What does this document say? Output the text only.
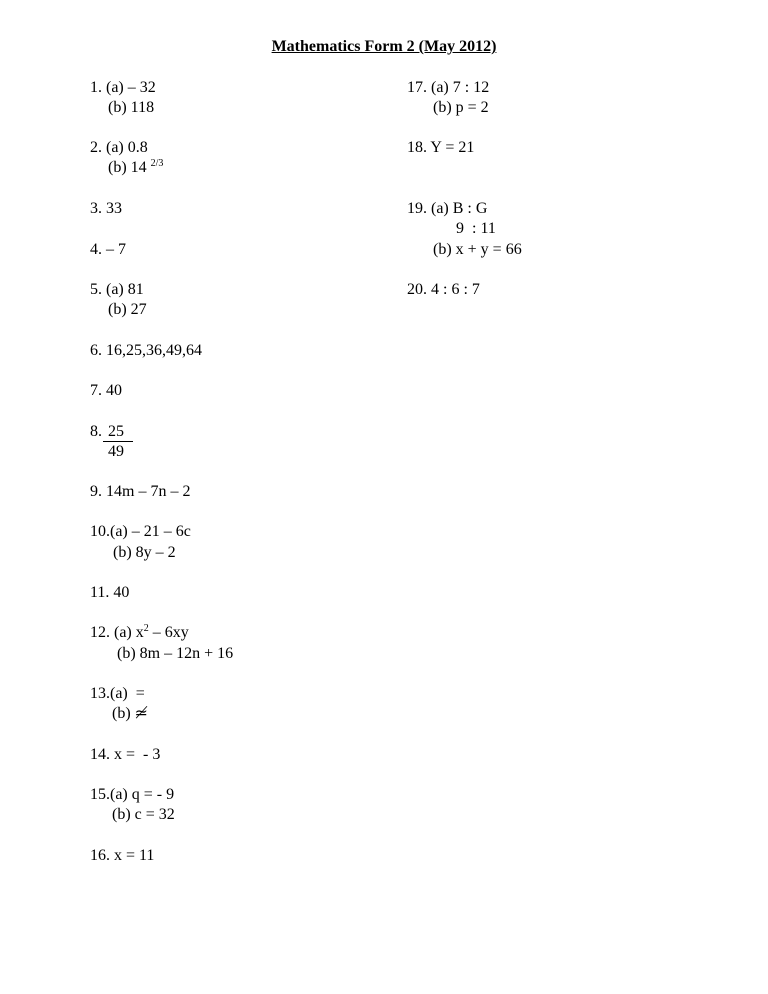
Mathematics Form 2 (May 2012)
1. (a) – 32
(b) 118
2. (a) 0.8
(b) 14 $^{2/3}$
3. 33
4. – 7
5. (a) 81
(b) 27
6. 16,25,36,49,64
7. 40
8. 25
49
9. 14m – 7n – 2
10.(a) – 21 – 6c
(b) 8y – 2
11. 40
12. (a) $x^2 - 6xy$
(b) 8m – 12n + 16
13.(a)  =
(b) ≄
14. x =  - 3
15.(a) q = - 9
(b) c = 32
16. x = 11
17. (a) 7 : 12
(b) p = 2
18. Y = 21
19. (a) B : G
9  : 11
(b) x + y = 66
20. 4 : 6 : 7
